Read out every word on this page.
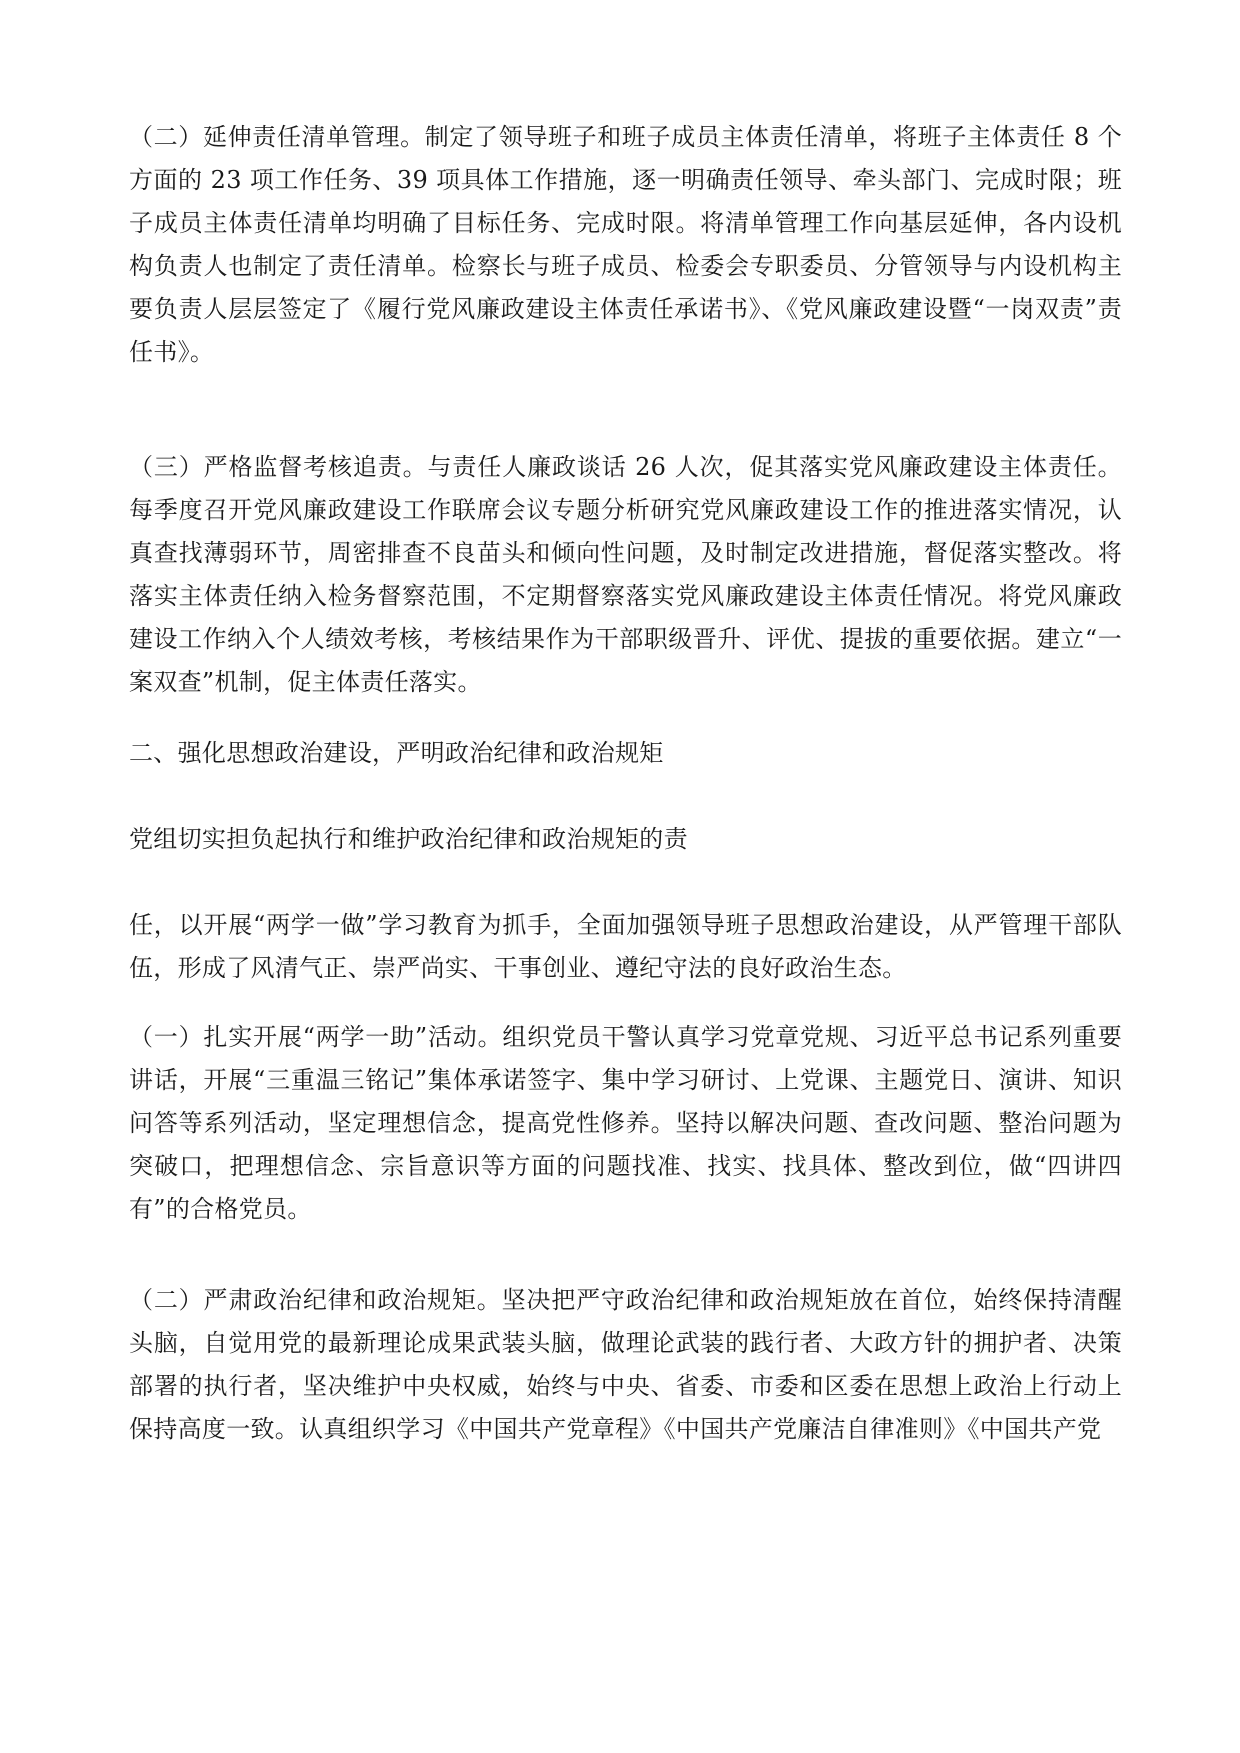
（二）延伸责任清单管理。制定了领导班子和班子成员主体责任清单，将班子主体责任 8 个方面的 23 项工作任务、39 项具体工作措施，逐一明确责任领导、牵头部门、完成时限；班子成员主体责任清单均明确了目标任务、完成时限。将清单管理工作向基层延伸，各内设机构负责人也制定了责任清单。检察长与班子成员、检委会专职委员、分管领导与内设机构主要负责人层层签定了《履行党风廉政建设主体责任承诺书》、《党风廉政建设暨“一岗双责”责任书》。
（三）严格监督考核追责。与责任人廉政谈话 26 人次，促其落实党风廉政建设主体责任。每季度召开党风廉政建设工作联席会议专题分析研究党风廉政建设工作的推进落实情况，认真查找薄弱环节，周密排查不良苗头和倾向性问题，及时制定改进措施，督促落实整改。将落实主体责任纳入检务督察范围，不定期督察落实党风廉政建设主体责任情况。将党风廉政建设工作纳入个人绩效考核，考核结果作为干部职级晋升、评优、提拔的重要依据。建立“一案双查”机制，促主体责任落实。
二、强化思想政治建设，严明政治纪律和政治规矩
党组切实担负起执行和维护政治纪律和政治规矩的责
任，以开展“两学一做”学习教育为抓手，全面加强领导班子思想政治建设，从严管理干部队伍，形成了风清气正、崇严尚实、干事创业、遵纪守法的良好政治生态。
（一）扎实开展“两学一助”活动。组织党员干警认真学习党章党规、习近平总书记系列重要讲话，开展“三重温三铭记”集体承诺签字、集中学习研讨、上党课、主题党日、演讲、知识问答等系列活动，坚定理想信念，提高党性修养。坚持以解决问题、查改问题、整治问题为突破口，把理想信念、宗旨意识等方面的问题找准、找实、找具体、整改到位，做“四讲四有”的合格党员。
（二）严肃政治纪律和政治规矩。坚决把严守政治纪律和政治规矩放在首位，始终保持清醒头脑，自觉用党的最新理论成果武装头脑，做理论武装的践行者、大政方针的拥护者、决策部署的执行者，坚决维护中央权威，始终与中央、省委、市委和区委在思想上政治上行动上保持高度一致。认真组织学习《中国共产党章程》《中国共产党廉洁自律准则》《中国共产党
